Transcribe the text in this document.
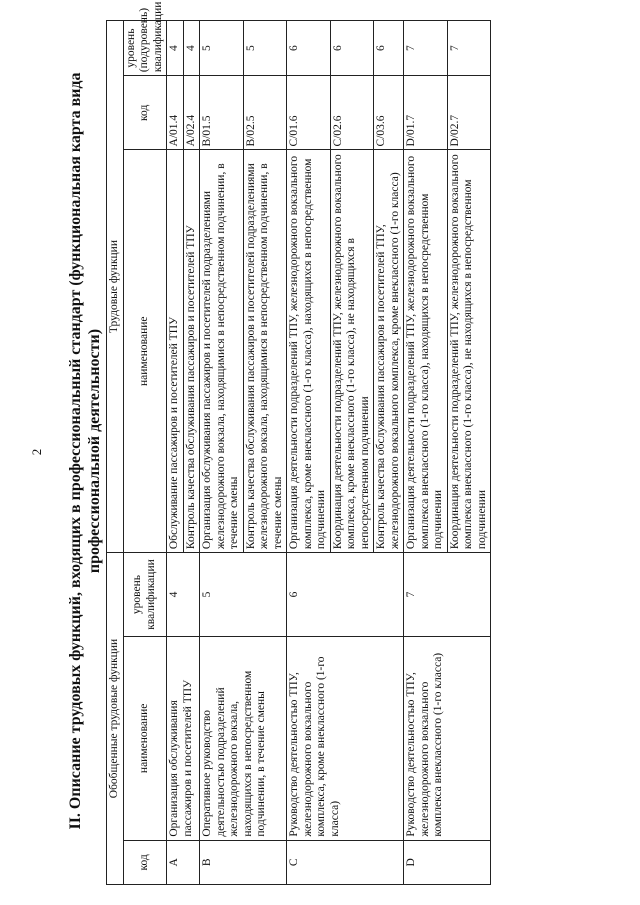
2 II. Описание трудовых функций, входящих в профессиональный стандарт (функциональная карта вида профессиональной деятельности)
Обобщенные трудовые функции			Трудовые функции		
код	наименование	уровень квалификации	наименование	код	уровень (подуровень) квалификации
A	Организация обслуживания пассажиров и посетителей ТПУ	4	Обслуживание пассажиров и посетителей ТПУ	A/01.4	4
			Контроль качества обслуживания пассажиров и посетителей ТПУ	A/02.4	4
B	Оперативное руководство деятельностью подразделений железнодорожного вокзала, находящихся в непосредственном подчинении, в течение смены	5	Организация обслуживания пассажиров и посетителей подразделениями железнодорожного вокзала, находящимися в непосредственном подчинении, в течение смены	B/01.5	5
			Контроль качества обслуживания пассажиров и посетителей подразделениями железнодорожного вокзала, находящимися в непосредственном подчинении, в течение смены	B/02.5	5
C	Руководство деятельностью ТПУ, железнодорожного вокзального комплекса, кроме внеклассного (1-го класса)	6	Организация деятельности подразделений ТПУ, железнодорожного вокзального комплекса, кроме внеклассного (1-го класса), находящихся в непосредственном подчинении	C/01.6	6
			Координация деятельности подразделений ТПУ, железнодорожного вокзального комплекса, кроме внеклассного (1-го класса), не находящихся в непосредственном подчинении	C/02.6	6
			Контроль качества обслуживания пассажиров и посетителей ТПУ, железнодорожного вокзального комплекса, кроме внеклассного (1-го класса)	C/03.6	6
D	Руководство деятельностью ТПУ, железнодорожного вокзального комплекса внеклассного (1-го класса)	7	Организация деятельности подразделений ТПУ, железнодорожного вокзального комплекса внеклассного (1-го класса), находящихся в непосредственном подчинении	D/01.7	7
			Координация деятельности подразделений ТПУ, железнодорожного вокзального комплекса внеклассного (1-го класса), не находящихся в непосредственном подчинении	D/02.7	7
